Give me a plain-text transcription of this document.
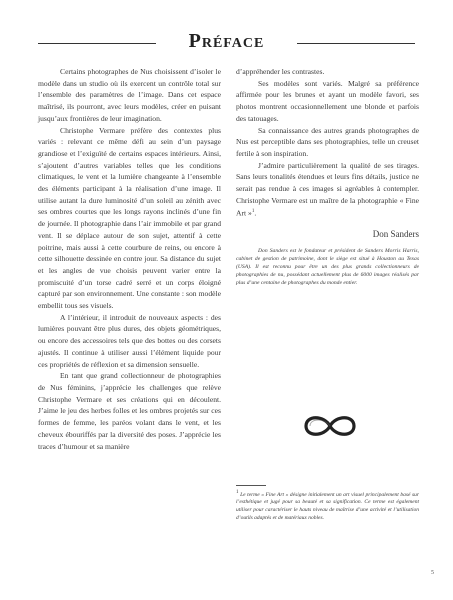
Préface

Certains photographes de Nus choisissent d’isoler le modèle dans un studio où ils exercent un contrôle total sur l’ensemble des paramètres de l’image. Dans cet espace maîtrisé, ils pourront, avec leurs modèles, créer en puisant jusqu’aux frontières de leur imagination.

Christophe Vermare préfère des contextes plus variés : relevant ce même défi au sein d’un paysage grandiose et l’exiguïté de certains espaces intérieurs. Ainsi, s’ajoutent d’autres variables telles que les conditions climatiques, le vent et la lumière changeante à l’ensemble des éléments participant à la réalisation d’une image. Il utilise autant la dure luminosité d’un soleil au zénith avec ses ombres courtes que les longs rayons inclinés d’une fin de journée. Il photographie dans l’air immobile et par grand vent. Il se déplace autour de son sujet, attentif à cette poitrine, mais aussi à cette courbure de reins, ou encore à cette silhouette dessinée en contre jour. Sa distance du sujet et les angles de vue choisis peuvent varier entre la promiscuité d’un torse cadré serré et un corps éloigné capturé par son environnement. Une constante : son modèle embellit tous ses visuels.

A l’intérieur, il introduit de nouveaux aspects : des lumières pouvant être plus dures, des objets géométriques, ou encore des accessoires tels que des bottes ou des corsets ajustés. Il continue à utiliser aussi l’élément liquide pour ces propriétés de réflexion et sa dimension sensuelle.

En tant que grand collectionneur de photographies de Nus féminins, j’apprécie les challenges que relève Christophe Vermare et ses créations qui en découlent. J’aime le jeu des herbes folles et les ombres projetés sur ces formes de femme, les paréos volant dans le vent, et les cheveux ébouriffés par la diversité des poses. J’apprécie les traces d’humour et sa manière

d’appréhender les contrastes.

Ses modèles sont variés. Malgré sa préférence affirmée pour les brunes et ayant un modèle favori, ses photos montrent occasionnellement une blonde et parfois des tatouages.

Sa connaissance des autres grands photographes de Nus est perceptible dans ses photographies, telle un creuset fertile à son inspiration.

J’admire particulièrement la qualité de ses tirages. Sans leurs tonalités étendues et leurs fins détails, justice ne serait pas rendue à ces images si agréables à contempler. Christophe Vermare est un maître de la photographie « Fine Art »$^1$.

Don Sanders
Don Sanders est le fondateur et président de Sanders Morris Harris, cabinet de gestion de patrimoine, dont le siège est situé à Houston au Texas (USA). Il est reconnu pour être un des plus grands collectionneurs de photographies de nu, possédant actuellement plus de 6000 images réalisés par plus d’une centaine de photographes du monde entier.
$^1$ Le terme « Fine Art » désigne initialement un art visuel principalement basé sur l’esthétique et jugé pour sa beauté et sa signification. Ce terme est également utiliser pour caractériser le hauts niveau de maîtrise d’une activité et l’utilisation d’outils adaptés et de matériaux nobles.
5
